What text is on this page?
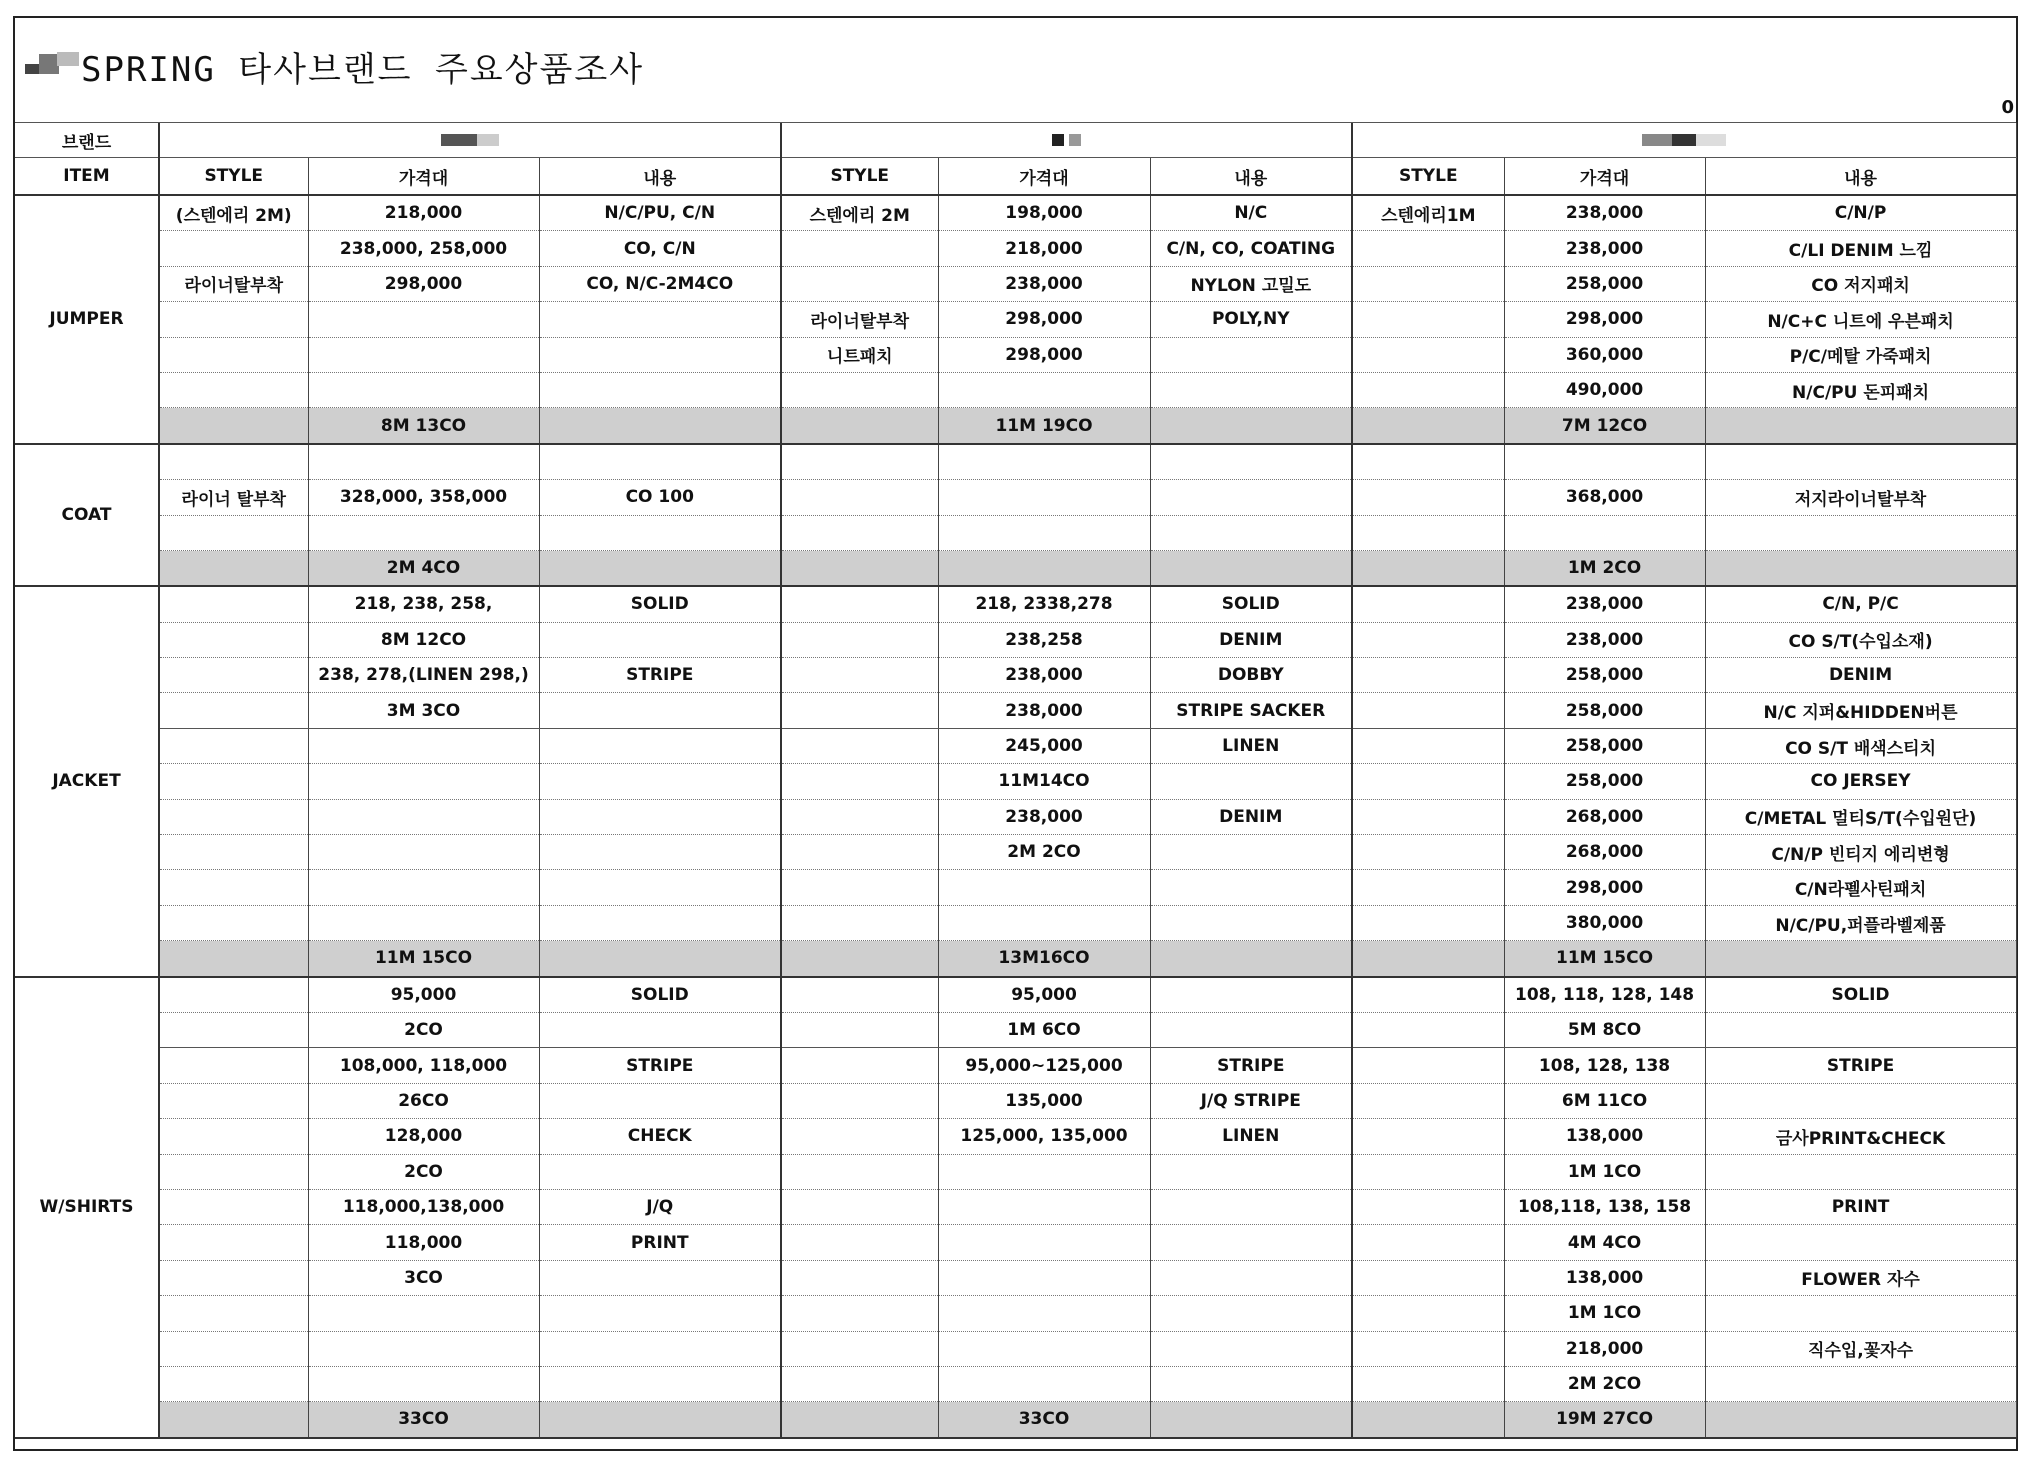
SPRING 타사브랜드 주요상품조사
0
브랜드									
ITEM	STYLE	가격대	내용	STYLE	가격대	내용	STYLE	가격대	내용
JUMPER	(스텐에리 2M)	218,000	N/C/PU, C/N	스텐에리 2M	198,000	N/C	스텐에리1M	238,000	C/N/P
		238,000, 258,000	CO, C/N		218,000	C/N, CO, COATING		238,000	C/LI DENIM 느낌
	라이너탈부착	298,000	CO, N/C-2M4CO		238,000	NYLON 고밀도		258,000	CO 저지패치
				라이너탈부착	298,000	POLY,NY		298,000	N/C+C 니트에 우븐패치
				니트패치	298,000			360,000	P/C/메탈 가죽패치
								490,000	N/C/PU 돈피패치
		8M 13CO			11M 19CO			7M 12CO	
COAT									
	라이너 탈부착	328,000, 358,000	CO 100					368,000	저지라이너탈부착

		2M 4CO						1M 2CO	
JACKET		218, 238, 258,	SOLID		218, 2338,278	SOLID		238,000	C/N, P/C
		8M 12CO			238,258	DENIM		238,000	CO S/T(수입소재)
		238, 278,(LINEN 298,)	STRIPE		238,000	DOBBY		258,000	DENIM
		3M 3CO			238,000	STRIPE SACKER		258,000	N/C 지퍼&HIDDEN버튼
					245,000	LINEN		258,000	CO S/T 배색스티치
					11M14CO			258,000	CO JERSEY
					238,000	DENIM		268,000	C/METAL 멀티S/T(수입원단)
					2M 2CO			268,000	C/N/P 빈티지 에리변형
								298,000	C/N라펠사틴패치
								380,000	N/C/PU,퍼플라벨제품
		11M 15CO			13M16CO			11M 15CO	
W/SHIRTS		95,000	SOLID		95,000			108, 118, 128, 148	SOLID
		2CO			1M 6CO			5M 8CO	
		108,000, 118,000	STRIPE		95,000~125,000	STRIPE		108, 128, 138	STRIPE
		26CO			135,000	J/Q STRIPE		6M 11CO	
		128,000	CHECK		125,000, 135,000	LINEN		138,000	금사PRINT&CHECK
		2CO						1M 1CO	
		118,000,138,000	J/Q					108,118, 138, 158	PRINT
		118,000	PRINT					4M 4CO	
		3CO						138,000	FLOWER 자수
								1M 1CO	
								218,000	직수입,꽃자수
								2M 2CO	
		33CO			33CO			19M 27CO	
